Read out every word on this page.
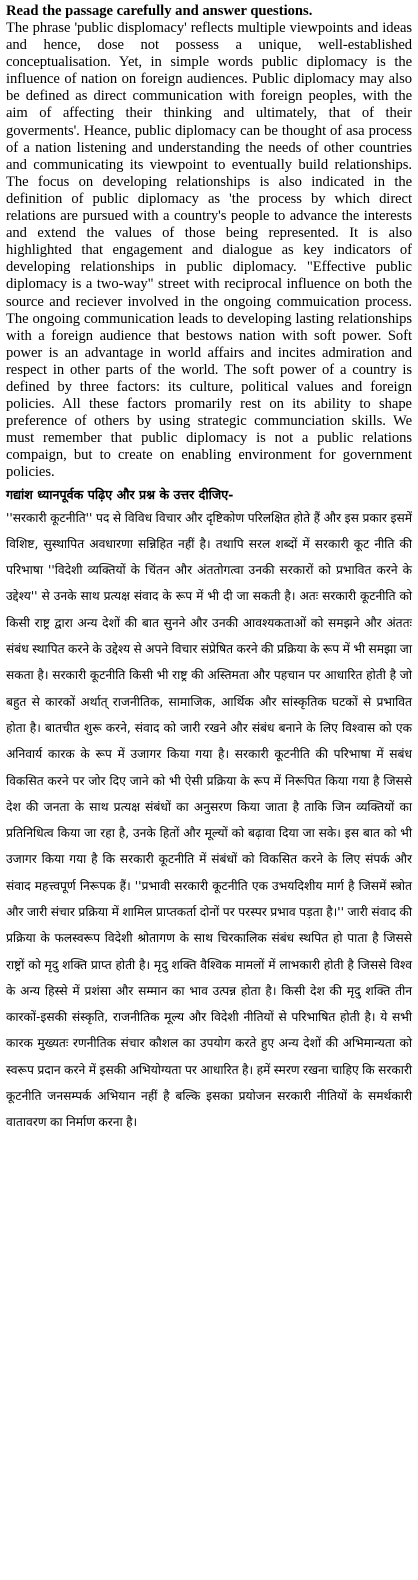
Read the passage carefully and answer questions.

The phrase 'public displomacy' reflects multiple viewpoints and ideas and hence, dose not possess a unique, well-established conceptualisation. Yet, in simple words public diplomacy is the influence of nation on foreign audiences. Public diplomacy may also be defined as direct communication with foreign peoples, with the aim of affecting their thinking and ultimately, that of their goverments'. Heance, public diplomacy can be thought of asa process of a nation listening and understanding the needs of other countries and communicating its viewpoint to eventually build relationships. The focus on developing relationships is also indicated in the definition of public diplomacy as 'the process by which direct relations are pursued with a country's people to advance the interests and extend the values of those being represented. It is also highlighted that engagement and dialogue as key indicators of developing relationships in public diplomacy. "Effective public diplomacy is a two-way" street with reciprocal influence on both the source and reciever involved in the ongoing commuication process. The ongoing communication leads to developing lasting relationships with a foreign audience that bestows nation with soft power. Soft power is an advantage in world affairs and incites admiration and respect in other parts of the world. The soft power of a country is defined by three factors: its culture, political values and foreign policies. All these factors promarily rest on its ability to shape preference of others by using strategic communciation skills. We must remember that public diplomacy is not a public relations compaign, but to create on enabling environment for government policies.

गद्यांश ध्यानपूर्वक पढ़िए और प्रश्न के उत्तर दीजिए-

''सरकारी कूटनीति'' पद से विविध विचार और दृष्टिकोण परिलक्षित होते हैं और इस प्रकार इसमें विशिष्ट, सुस्थापित अवधारणा सन्निहित नहीं है। तथापि सरल शब्दों में सरकारी कूट नीति की परिभाषा ''विदेशी व्यक्तियों के चिंतन और अंततोगत्वा उनकी सरकारों को प्रभावित करने के उद्देश्य'' से उनके साथ प्रत्यक्ष संवाद के रूप में भी दी जा सकती है। अतः सरकारी कूटनीति को किसी राष्ट्र द्वारा अन्य देशों की बात सुनने और उनकी आवश्यकताओं को समझने और अंततः संबंध स्थापित करने के उद्देश्य से अपने विचार संप्रेषित करने की प्रक्रिया के रूप में भी समझा जा सकता है। सरकारी कूटनीति किसी भी राष्ट्र की अस्तिमता और पहचान पर आधारित होती है जो बहुत से कारकों अर्थात् राजनीतिक, सामाजिक, आर्थिक और सांस्कृतिक घटकों से प्रभावित होता है। बातचीत शुरू करने, संवाद को जारी रखने और संबंध बनाने के लिए विश्वास को एक अनिवार्य कारक के रूप में उजागर किया गया है। सरकारी कूटनीति की परिभाषा में सबंध विकसित करने पर जोर दिए जाने को भी ऐसी प्रक्रिया के रूप में निरूपित किया गया है जिससे देश की जनता के साथ प्रत्यक्ष संबंधों का अनुसरण किया जाता है ताकि जिन व्यक्तियों का प्रतिनिधित्व किया जा रहा है, उनके हितों और मूल्यों को बढ़ावा दिया जा सके। इस बात को भी उजागर किया गया है कि सरकारी कूटनीति में संबंधों को विकसित करने के लिए संपर्क और संवाद महत्त्वपूर्ण निरूपक हैं। ''प्रभावी सरकारी कूटनीति एक उभयदिशीय मार्ग है जिसमें स्त्रोत और जारी संचार प्रक्रिया में शामिल प्राप्तकर्ता दोनों पर परस्पर प्रभाव पड़ता है।'' जारी संवाद की प्रक्रिया के फलस्वरूप विदेशी श्रोतागण के साथ चिरकालिक संबंध स्थपित हो पाता है जिससे राष्ट्रों को मृदु शक्ति प्राप्त होती है। मृदु शक्ति वैश्विक मामलों में लाभकारी होती है जिससे विश्व के अन्य हिस्से में प्रशंसा और सम्मान का भाव उत्पन्न होता है। किसी देश की मृदु शक्ति तीन कारकों-इसकी संस्कृति, राजनीतिक मूल्य और विदेशी नीतियों से परिभाषित होती है। ये सभी कारक मुख्यतः रणनीतिक संचार कौशल का उपयोग करते हुए अन्य देशों की अभिमान्यता को स्वरूप प्रदान करने में इसकी अभियोग्यता पर आधारित है। हमें स्मरण रखना चाहिए कि सरकारी कूटनीति जनसम्पर्क अभियान नहीं है बल्कि इसका प्रयोजन सरकारी नीतियों के समर्थकारी वातावरण का निर्माण करना है।
